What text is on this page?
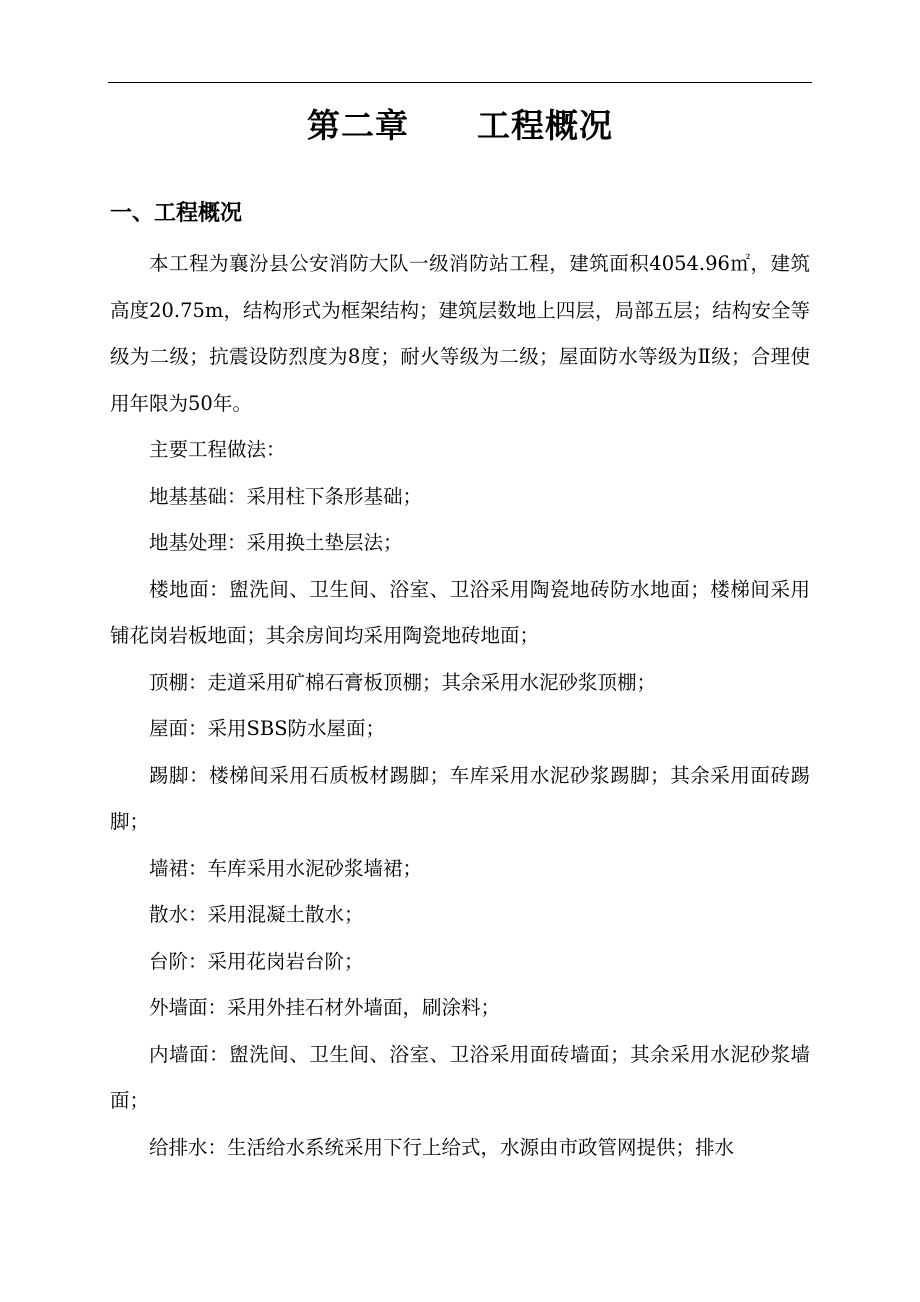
第二章　　工程概况
一、工程概况

本工程为襄汾县公安消防大队一级消防站工程，建筑面积4054.96㎡，建筑高度20.75m，结构形式为框架结构；建筑层数地上四层，局部五层；结构安全等级为二级；抗震设防烈度为8度；耐火等级为二级；屋面防水等级为Ⅱ级；合理使用年限为50年。

主要工程做法：

地基基础：采用柱下条形基础；

地基处理：采用换土垫层法；

楼地面：盥洗间、卫生间、浴室、卫浴采用陶瓷地砖防水地面；楼梯间采用铺花岗岩板地面；其余房间均采用陶瓷地砖地面；

顶棚：走道采用矿棉石膏板顶棚；其余采用水泥砂浆顶棚；

屋面：采用SBS防水屋面；

踢脚：楼梯间采用石质板材踢脚；车库采用水泥砂浆踢脚；其余采用面砖踢脚；

墙裙：车库采用水泥砂浆墙裙；

散水：采用混凝土散水；

台阶：采用花岗岩台阶；

外墙面：采用外挂石材外墙面，刷涂料；

内墙面：盥洗间、卫生间、浴室、卫浴采用面砖墙面；其余采用水泥砂浆墙面；

给排水：生活给水系统采用下行上给式，水源由市政管网提供；排水
